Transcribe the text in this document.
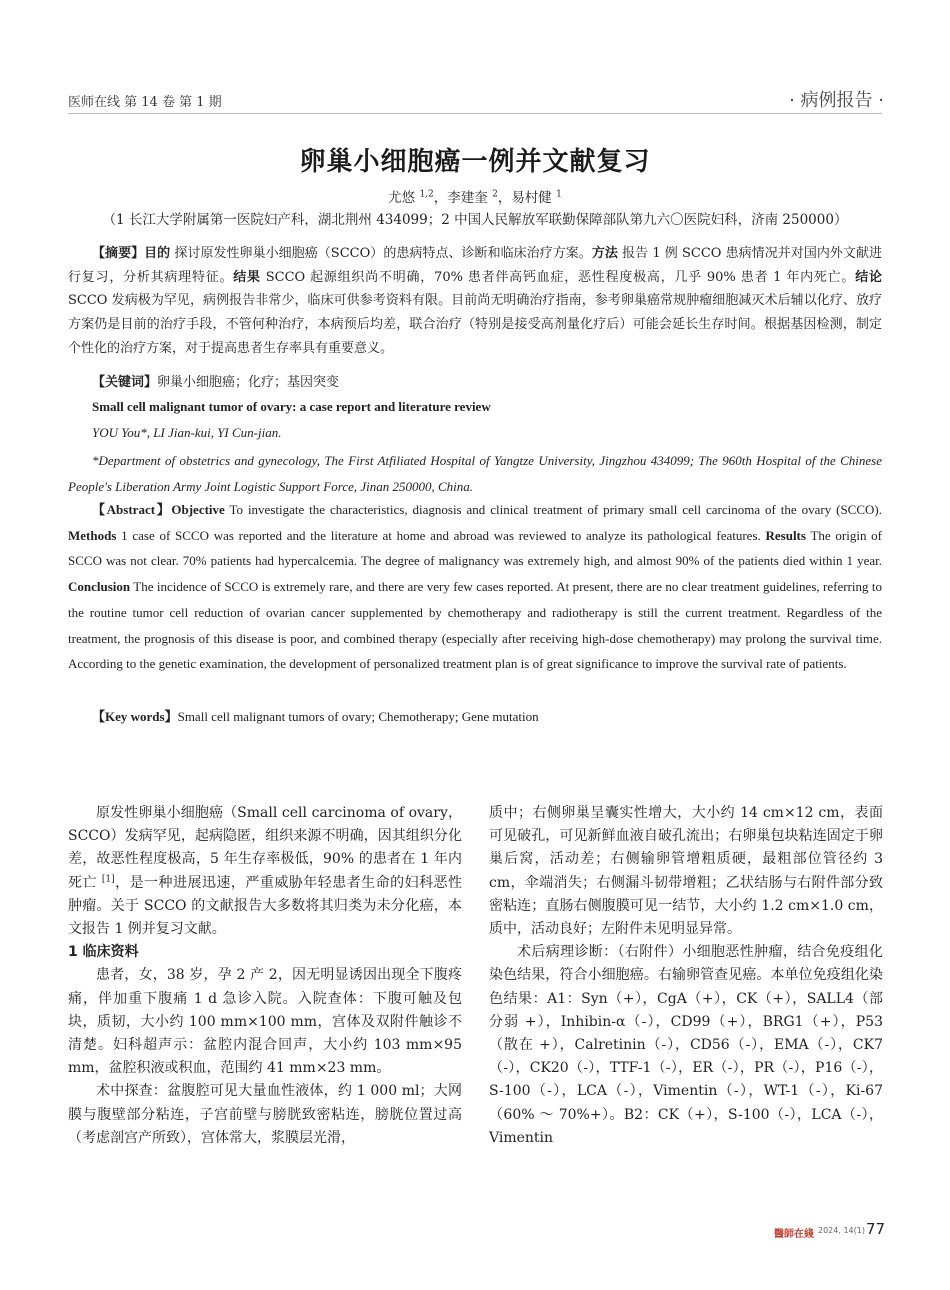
医师在线 第 14 卷 第 1 期	· 病例报告 ·
卵巢小细胞癌一例并文献复习
尤悠 $^{1,2}$，李建奎 $^2$，易村健 $^1$
（1 长江大学附属第一医院妇产科，湖北荆州 434099；2 中国人民解放军联勤保障部队第九六〇医院妇科，济南 250000）
【摘要】目的 探讨原发性卵巢小细胞癌（SCCO）的患病特点、诊断和临床治疗方案。方法 报告 1 例 SCCO 患病情况并对国内外文献进行复习，分析其病理特征。结果 SCCO 起源组织尚不明确，70% 患者伴高钙血症，恶性程度极高，几乎 90% 患者 1 年内死亡。结论 SCCO 发病极为罕见，病例报告非常少，临床可供参考资料有限。目前尚无明确治疗指南，参考卵巢癌常规肿瘤细胞减灭术后辅以化疗、放疗方案仍是目前的治疗手段，不管何种治疗，本病预后均差，联合治疗（特别是接受高剂量化疗后）可能会延长生存时间。根据基因检测，制定个性化的治疗方案，对于提高患者生存率具有重要意义。
【关键词】卵巢小细胞癌；化疗；基因突变
Small cell malignant tumor of ovary: a case report and literature review
YOU You*, LI Jian-kui, YI Cun-jian.
*Department of obstetrics and gynecology, The First Atfiliated Hospital of Yangtze University, Jingzhou 434099; The 960th Hospital of the Chinese People's Liberation Army Joint Logistic Support Force, Jinan 250000, China.
【Abstract】Objective To investigate the characteristics, diagnosis and clinical treatment of primary small cell carcinoma of the ovary (SCCO). Methods 1 case of SCCO was reported and the literature at home and abroad was reviewed to analyze its pathological features. Results The origin of SCCO was not clear. 70% patients had hypercalcemia. The degree of malignancy was extremely high, and almost 90% of the patients died within 1 year. Conclusion The incidence of SCCO is extremely rare, and there are very few cases reported. At present, there are no clear treatment guidelines, referring to the routine tumor cell reduction of ovarian cancer supplemented by chemotherapy and radiotherapy is still the current treatment. Regardless of the treatment, the prognosis of this disease is poor, and combined therapy (especially after receiving high-dose chemotherapy) may prolong the survival time. According to the genetic examination, the development of personalized treatment plan is of great significance to improve the survival rate of patients.
【Key words】Small cell malignant tumors of ovary; Chemotherapy; Gene mutation

原发性卵巢小细胞癌（Small cell carcinoma of ovary，SCCO）发病罕见，起病隐匿，组织来源不明确，因其组织分化差，故恶性程度极高，5 年生存率极低，90% 的患者在 1 年内死亡 [1]，是一种进展迅速，严重威胁年轻患者生命的妇科恶性肿瘤。关于 SCCO 的文献报告大多数将其归类为未分化癌，本文报告 1 例并复习文献。

1 临床资料

患者，女，38 岁，孕 2 产 2，因无明显诱因出现全下腹疼痛，伴加重下腹痛 1 d 急诊入院。入院查体：下腹可触及包块，质韧，大小约 100 mm×100 mm，宫体及双附件触诊不清楚。妇科超声示：盆腔内混合回声，大小约 103 mm×95 mm，盆腔积液或积血，范围约 41 mm×23 mm。

术中探查：盆腹腔可见大量血性液体，约 1 000 ml；大网膜与腹壁部分粘连，子宫前壁与膀胱致密粘连，膀胱位置过高（考虑剖宫产所致），宫体常大，浆膜层光滑，

质中；右侧卵巢呈囊实性增大，大小约 14 cm×12 cm，表面可见破孔，可见新鲜血液自破孔流出；右卵巢包块粘连固定于卵巢后窝，活动差；右侧输卵管增粗质硬，最粗部位管径约 3 cm，伞端消失；右侧漏斗韧带增粗；乙状结肠与右附件部分致密粘连；直肠右侧腹膜可见一结节，大小约 1.2 cm×1.0 cm，质中，活动良好；左附件未见明显异常。

术后病理诊断：（右附件）小细胞恶性肿瘤，结合免疫组化染色结果，符合小细胞癌。右输卵管查见癌。本单位免疫组化染色结果：A1：Syn（+），CgA（+），CK（+），SALL4（部分弱 +），Inhibin-α（-），CD99（+），BRG1（+），P53（散在 +），Calretinin（-），CD56（-），EMA（-），CK7（-），CK20（-），TTF-1（-），ER（-），PR（-），P16（-），S-100（-），LCA（-），Vimentin（-），WT-1（-），Ki-67（60% ～ 70%+）。B2：CK（+），S-100（-），LCA（-），Vimentin

醫師在綫 2024, 14(1) 77
